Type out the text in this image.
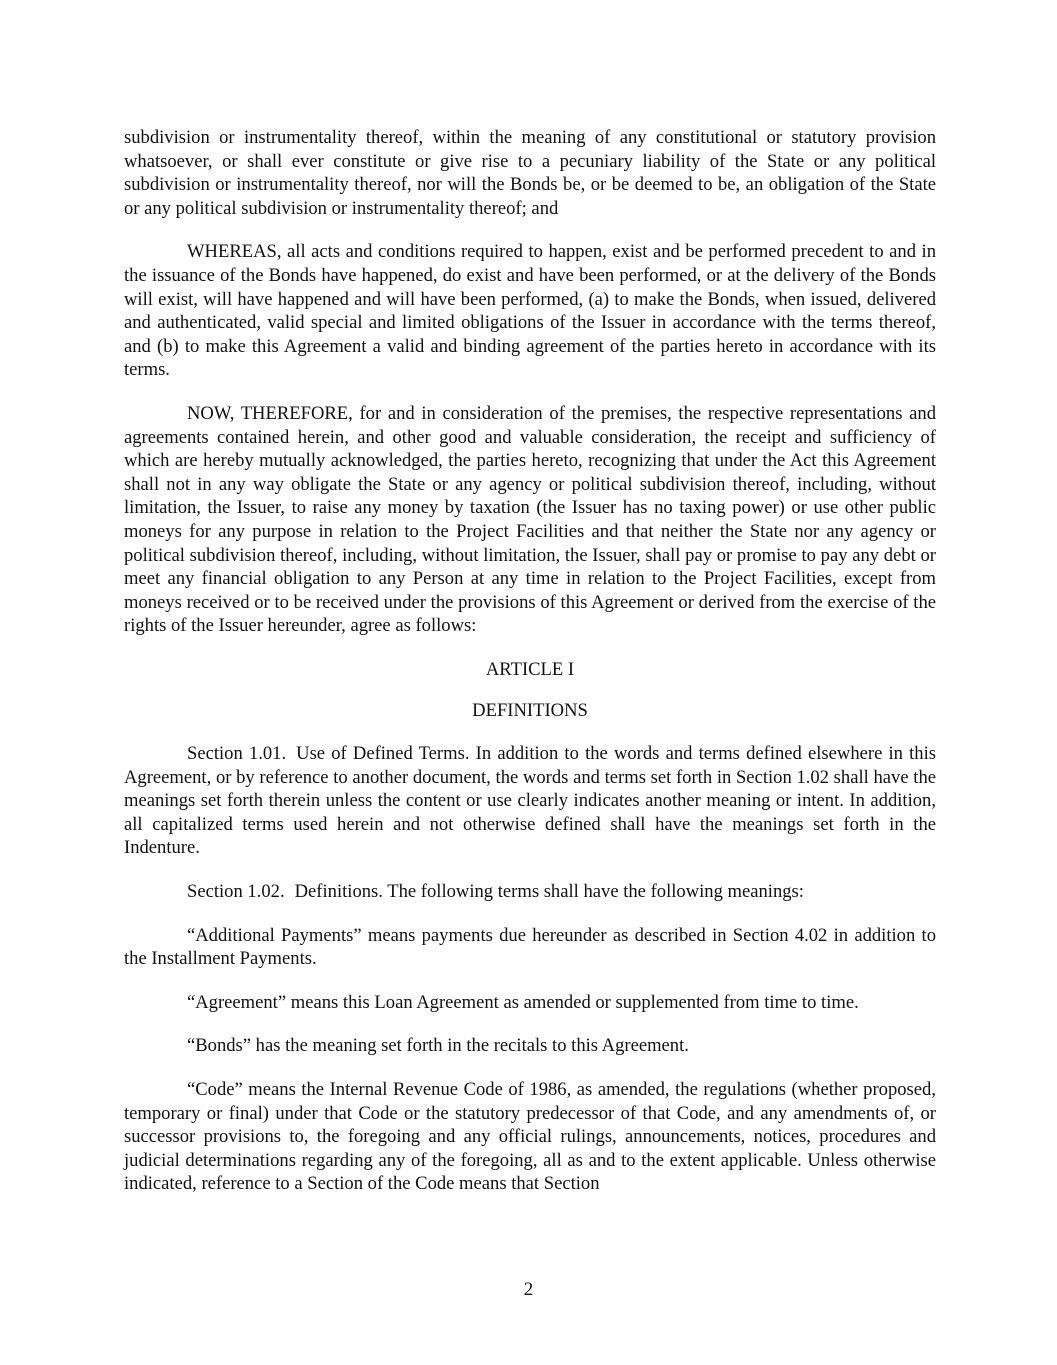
subdivision or instrumentality thereof, within the meaning of any constitutional or statutory provision whatsoever, or shall ever constitute or give rise to a pecuniary liability of the State or any political subdivision or instrumentality thereof, nor will the Bonds be, or be deemed to be, an obligation of the State or any political subdivision or instrumentality thereof; and

WHEREAS, all acts and conditions required to happen, exist and be performed precedent to and in the issuance of the Bonds have happened, do exist and have been performed, or at the delivery of the Bonds will exist, will have happened and will have been performed, (a) to make the Bonds, when issued, delivered and authenticated, valid special and limited obligations of the Issuer in accordance with the terms thereof, and (b) to make this Agreement a valid and binding agreement of the parties hereto in accordance with its terms.

NOW, THEREFORE, for and in consideration of the premises, the respective representations and agreements contained herein, and other good and valuable consideration, the receipt and sufficiency of which are hereby mutually acknowledged, the parties hereto, recognizing that under the Act this Agreement shall not in any way obligate the State or any agency or political subdivision thereof, including, without limitation, the Issuer, to raise any money by taxation (the Issuer has no taxing power) or use other public moneys for any purpose in relation to the Project Facilities and that neither the State nor any agency or political subdivision thereof, including, without limitation, the Issuer, shall pay or promise to pay any debt or meet any financial obligation to any Person at any time in relation to the Project Facilities, except from moneys received or to be received under the provisions of this Agreement or derived from the exercise of the rights of the Issuer hereunder, agree as follows:

ARTICLE I
DEFINITIONS

Section 1.01. Use of Defined Terms. In addition to the words and terms defined elsewhere in this Agreement, or by reference to another document, the words and terms set forth in Section 1.02 shall have the meanings set forth therein unless the content or use clearly indicates another meaning or intent. In addition, all capitalized terms used herein and not otherwise defined shall have the meanings set forth in the Indenture.

Section 1.02. Definitions. The following terms shall have the following meanings:

“Additional Payments” means payments due hereunder as described in Section 4.02 in addition to the Installment Payments.

“Agreement” means this Loan Agreement as amended or supplemented from time to time.

“Bonds” has the meaning set forth in the recitals to this Agreement.

“Code” means the Internal Revenue Code of 1986, as amended, the regulations (whether proposed, temporary or final) under that Code or the statutory predecessor of that Code, and any amendments of, or successor provisions to, the foregoing and any official rulings, announcements, notices, procedures and judicial determinations regarding any of the foregoing, all as and to the extent applicable. Unless otherwise indicated, reference to a Section of the Code means that Section

2
